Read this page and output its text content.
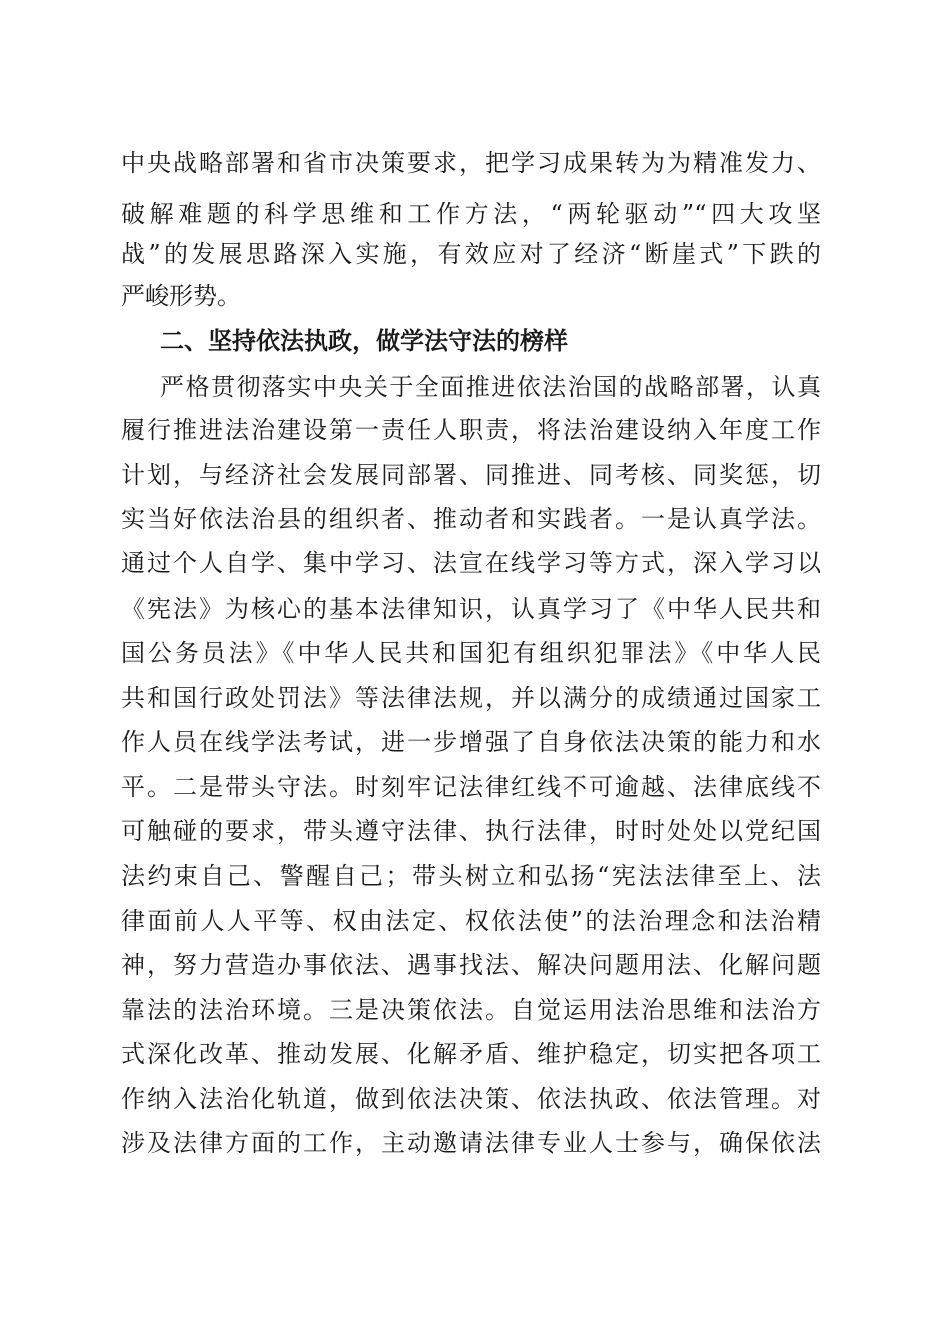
中央战略部署和省市决策要求，把学习成果转为为精准发力、
破解难题的科学思维和工作方法，“两轮驱动”“四大攻坚
战”的发展思路深入实施，有效应对了经济“断崖式”下跌的
严峻形势。
二、坚持依法执政，做学法守法的榜样
严格贯彻落实中央关于全面推进依法治国的战略部署，认真
履行推进法治建设第一责任人职责，将法治建设纳入年度工作
计划，与经济社会发展同部署、同推进、同考核、同奖惩，切
实当好依法治县的组织者、推动者和实践者。一是认真学法。
通过个人自学、集中学习、法宣在线学习等方式，深入学习以
《宪法》为核心的基本法律知识，认真学习了《中华人民共和
国公务员法》《中华人民共和国犯有组织犯罪法》《中华人民
共和国行政处罚法》等法律法规，并以满分的成绩通过国家工
作人员在线学法考试，进一步增强了自身依法决策的能力和水
平。二是带头守法。时刻牢记法律红线不可逾越、法律底线不
可触碰的要求，带头遵守法律、执行法律，时时处处以党纪国
法约束自己、警醒自己；带头树立和弘扬“宪法法律至上、法
律面前人人平等、权由法定、权依法使”的法治理念和法治精
神，努力营造办事依法、遇事找法、解决问题用法、化解问题
靠法的法治环境。三是决策依法。自觉运用法治思维和法治方
式深化改革、推动发展、化解矛盾、维护稳定，切实把各项工
作纳入法治化轨道，做到依法决策、依法执政、依法管理。对
涉及法律方面的工作，主动邀请法律专业人士参与，确保依法
